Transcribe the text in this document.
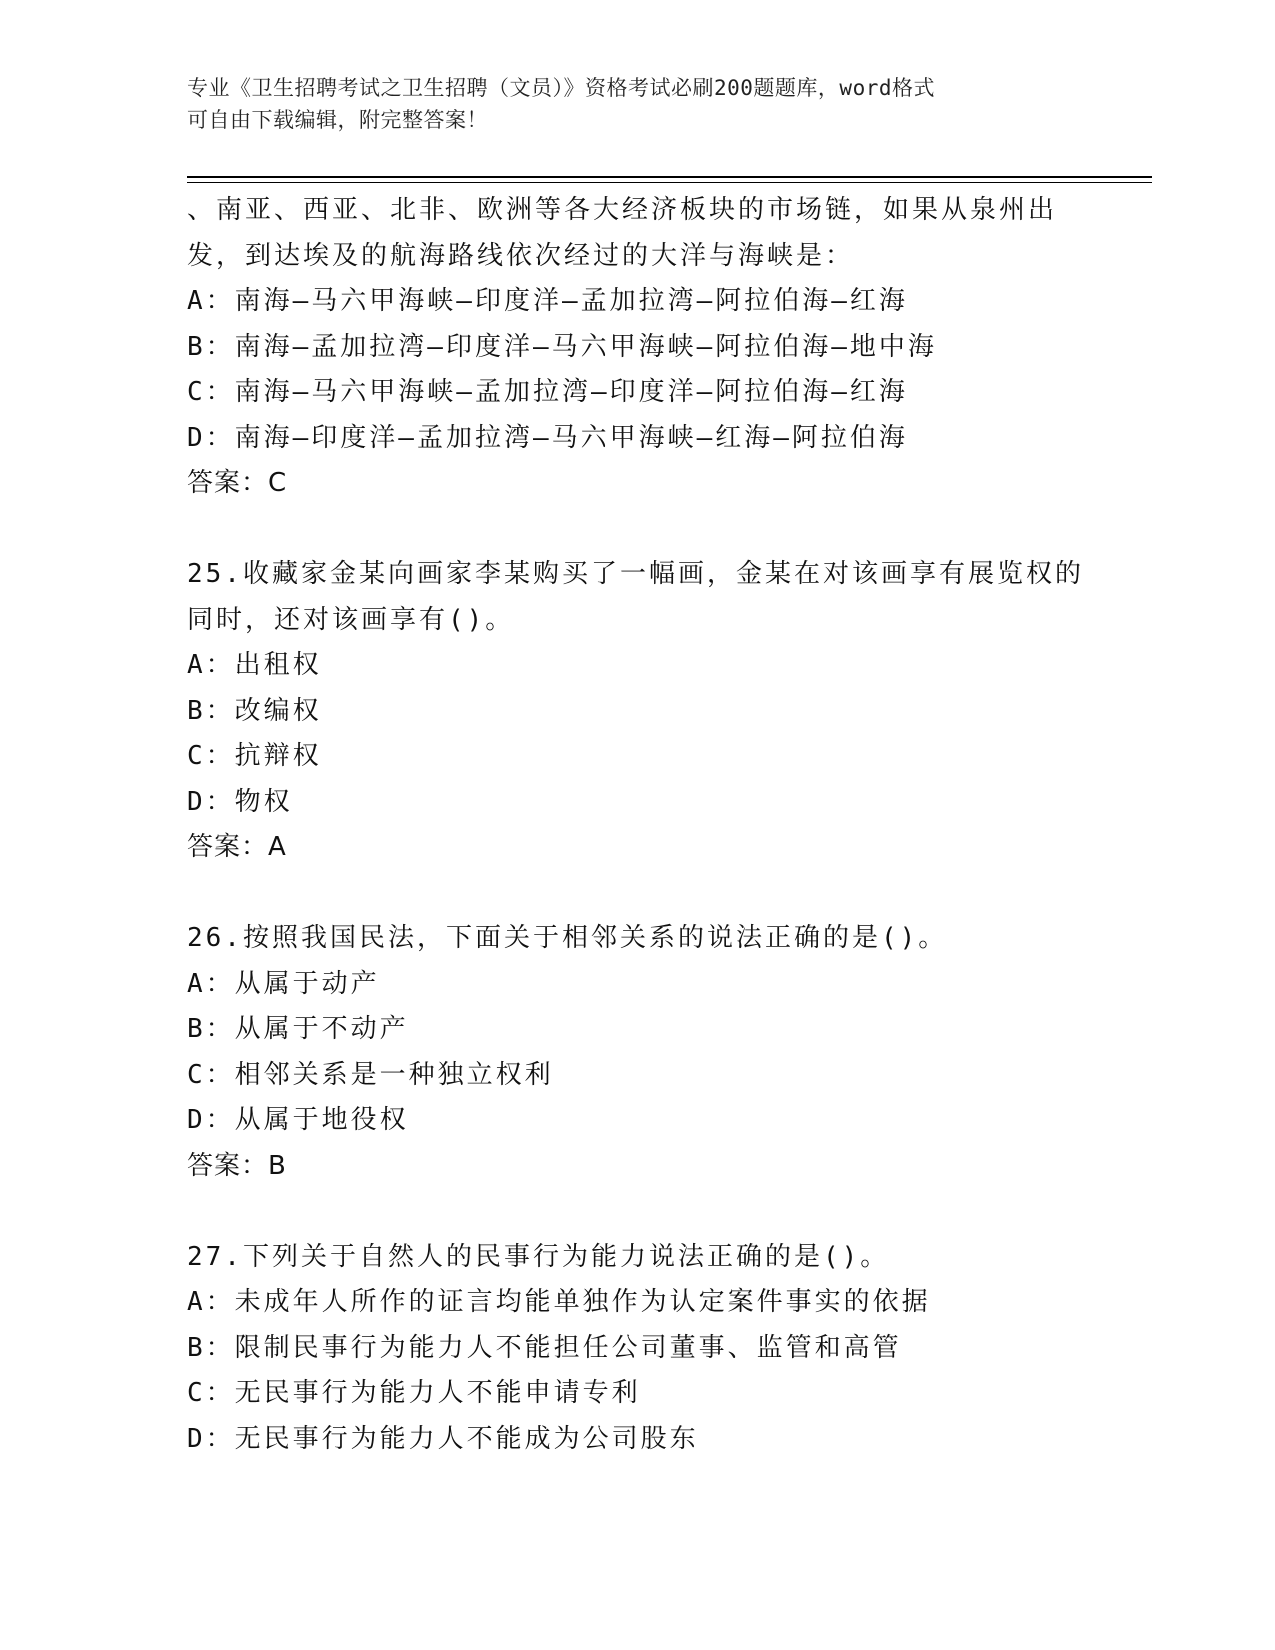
专业《卫生招聘考试之卫生招聘（文员）》资格考试必刷200题题库，word格式
可自由下载编辑，附完整答案！
、南亚、西亚、北非、欧洲等各大经济板块的市场链，如果从泉州出
发，到达埃及的航海路线依次经过的大洋与海峡是：
A：南海—马六甲海峡—印度洋—孟加拉湾—阿拉伯海—红海
B：南海—孟加拉湾—印度洋—马六甲海峡—阿拉伯海—地中海
C：南海—马六甲海峡—孟加拉湾—印度洋—阿拉伯海—红海
D：南海—印度洋—孟加拉湾—马六甲海峡—红海—阿拉伯海
答案：C
25.收藏家金某向画家李某购买了一幅画，金某在对该画享有展览权的
同时，还对该画享有()。
A：出租权
B：改编权
C：抗辩权
D：物权
答案：A
26.按照我国民法，下面关于相邻关系的说法正确的是()。
A：从属于动产
B：从属于不动产
C：相邻关系是一种独立权利
D：从属于地役权
答案：B
27.下列关于自然人的民事行为能力说法正确的是()。
A：未成年人所作的证言均能单独作为认定案件事实的依据
B：限制民事行为能力人不能担任公司董事、监管和高管
C：无民事行为能力人不能申请专利
D：无民事行为能力人不能成为公司股东
